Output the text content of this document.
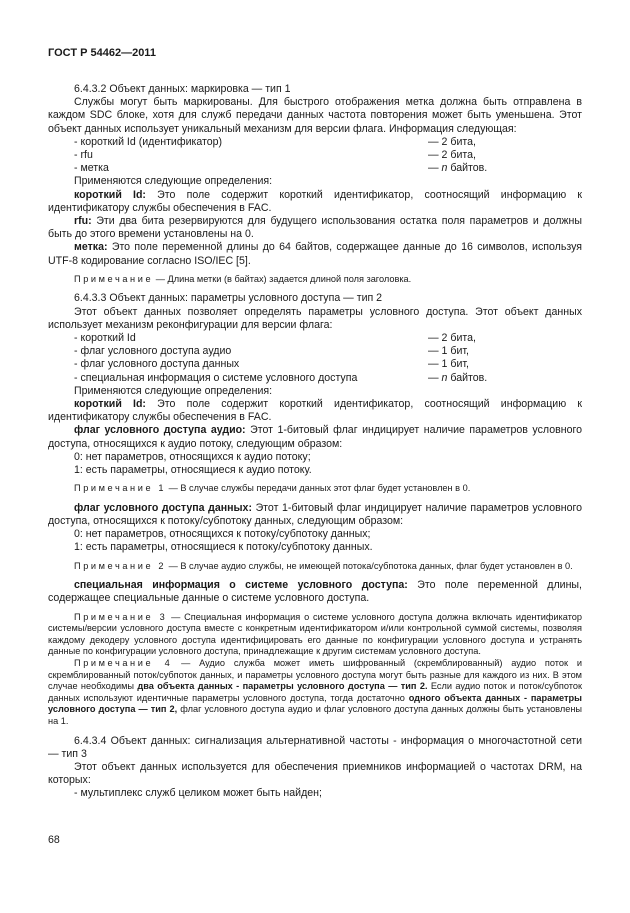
ГОСТ Р 54462—2011

6.4.3.2 Объект данных: маркировка — тип 1

Службы могут быть маркированы. Для быстрого отображения метка должна быть отправлена в каждом SDC блоке, хотя для служб передачи данных частота повторения может быть уменьшена. Этот объект данных использует уникальный механизм для версии флага. Информация следующая:

- короткий Id (идентификатор)	— 2 бита,
- rfu	— 2 бита,
- метка	— n байтов.

Применяются следующие определения:

короткий Id: Это поле содержит короткий идентификатор, соотносящий информацию к идентификатору службы обеспечения в FAC.

rfu: Эти два бита резервируются для будущего использования остатка поля параметров и должны быть до этого времени установлены на 0.

метка: Это поле переменной длины до 64 байтов, содержащее данные до 16 символов, используя UTF-8 кодирование согласно ISO/IEC [5].

Примечание — Длина метки (в байтах) задается длиной поля заголовка.

6.4.3.3 Объект данных: параметры условного доступа — тип 2

Этот объект данных позволяет определять параметры условного доступа. Этот объект данных использует механизм реконфигурации для версии флага:

- короткий Id	— 2 бита,
- флаг условного доступа аудио	— 1 бит,
- флаг условного доступа данных	— 1 бит,
- специальная информация о системе условного доступа	— n байтов.

Применяются следующие определения:

короткий Id: Это поле содержит короткий идентификатор, соотносящий информацию к идентификатору службы обеспечения в FAC.

флаг условного доступа аудио: Этот 1-битовый флаг индицирует наличие параметров условного доступа, относящихся к аудио потоку, следующим образом:

0: нет параметров, относящихся к аудио потоку;

1: есть параметры, относящиеся к аудио потоку.

Примечание 1 — В случае службы передачи данных этот флаг будет установлен в 0.

флаг условного доступа данных: Этот 1-битовый флаг индицирует наличие параметров условного доступа, относящихся к потоку/субпотоку данных, следующим образом:

0: нет параметров, относящихся к потоку/субпотоку данных;

1: есть параметры, относящиеся к потоку/субпотоку данных.

Примечание 2 — В случае аудио службы, не имеющей потока/субпотока данных, флаг будет установлен в 0.

специальная информация о системе условного доступа: Это поле переменной длины, содержащее специальные данные о системе условного доступа.

Примечание 3 — Специальная информация о системе условного доступа должна включать идентификатор системы/версии условного доступа вместе с конкретным идентификатором и/или контрольной суммой системы, позволяя каждому декодеру условного доступа идентифицировать его данные по конфигурации условного доступа и устранять данные по конфигурации условного доступа, принадлежащие к другим системам условного доступа.

Примечание 4 — Аудио служба может иметь шифрованный (скремблированный) аудио поток и скремблированный поток/субпоток данных, и параметры условного доступа могут быть разные для каждого из них. В этом случае необходимы два объекта данных - параметры условного доступа — тип 2. Если аудио поток и поток/субпоток данных используют идентичные параметры условного доступа, тогда достаточно одного объекта данных - параметры условного доступа — тип 2, флаг условного доступа аудио и флаг условного доступа данных должны быть установлены на 1.

6.4.3.4 Объект данных: сигнализация альтернативной частоты - информация о многочастотной сети — тип 3

Этот объект данных используется для обеспечения приемников информацией о частотах DRM, на которых:

- мультиплекс служб целиком может быть найден;

68
